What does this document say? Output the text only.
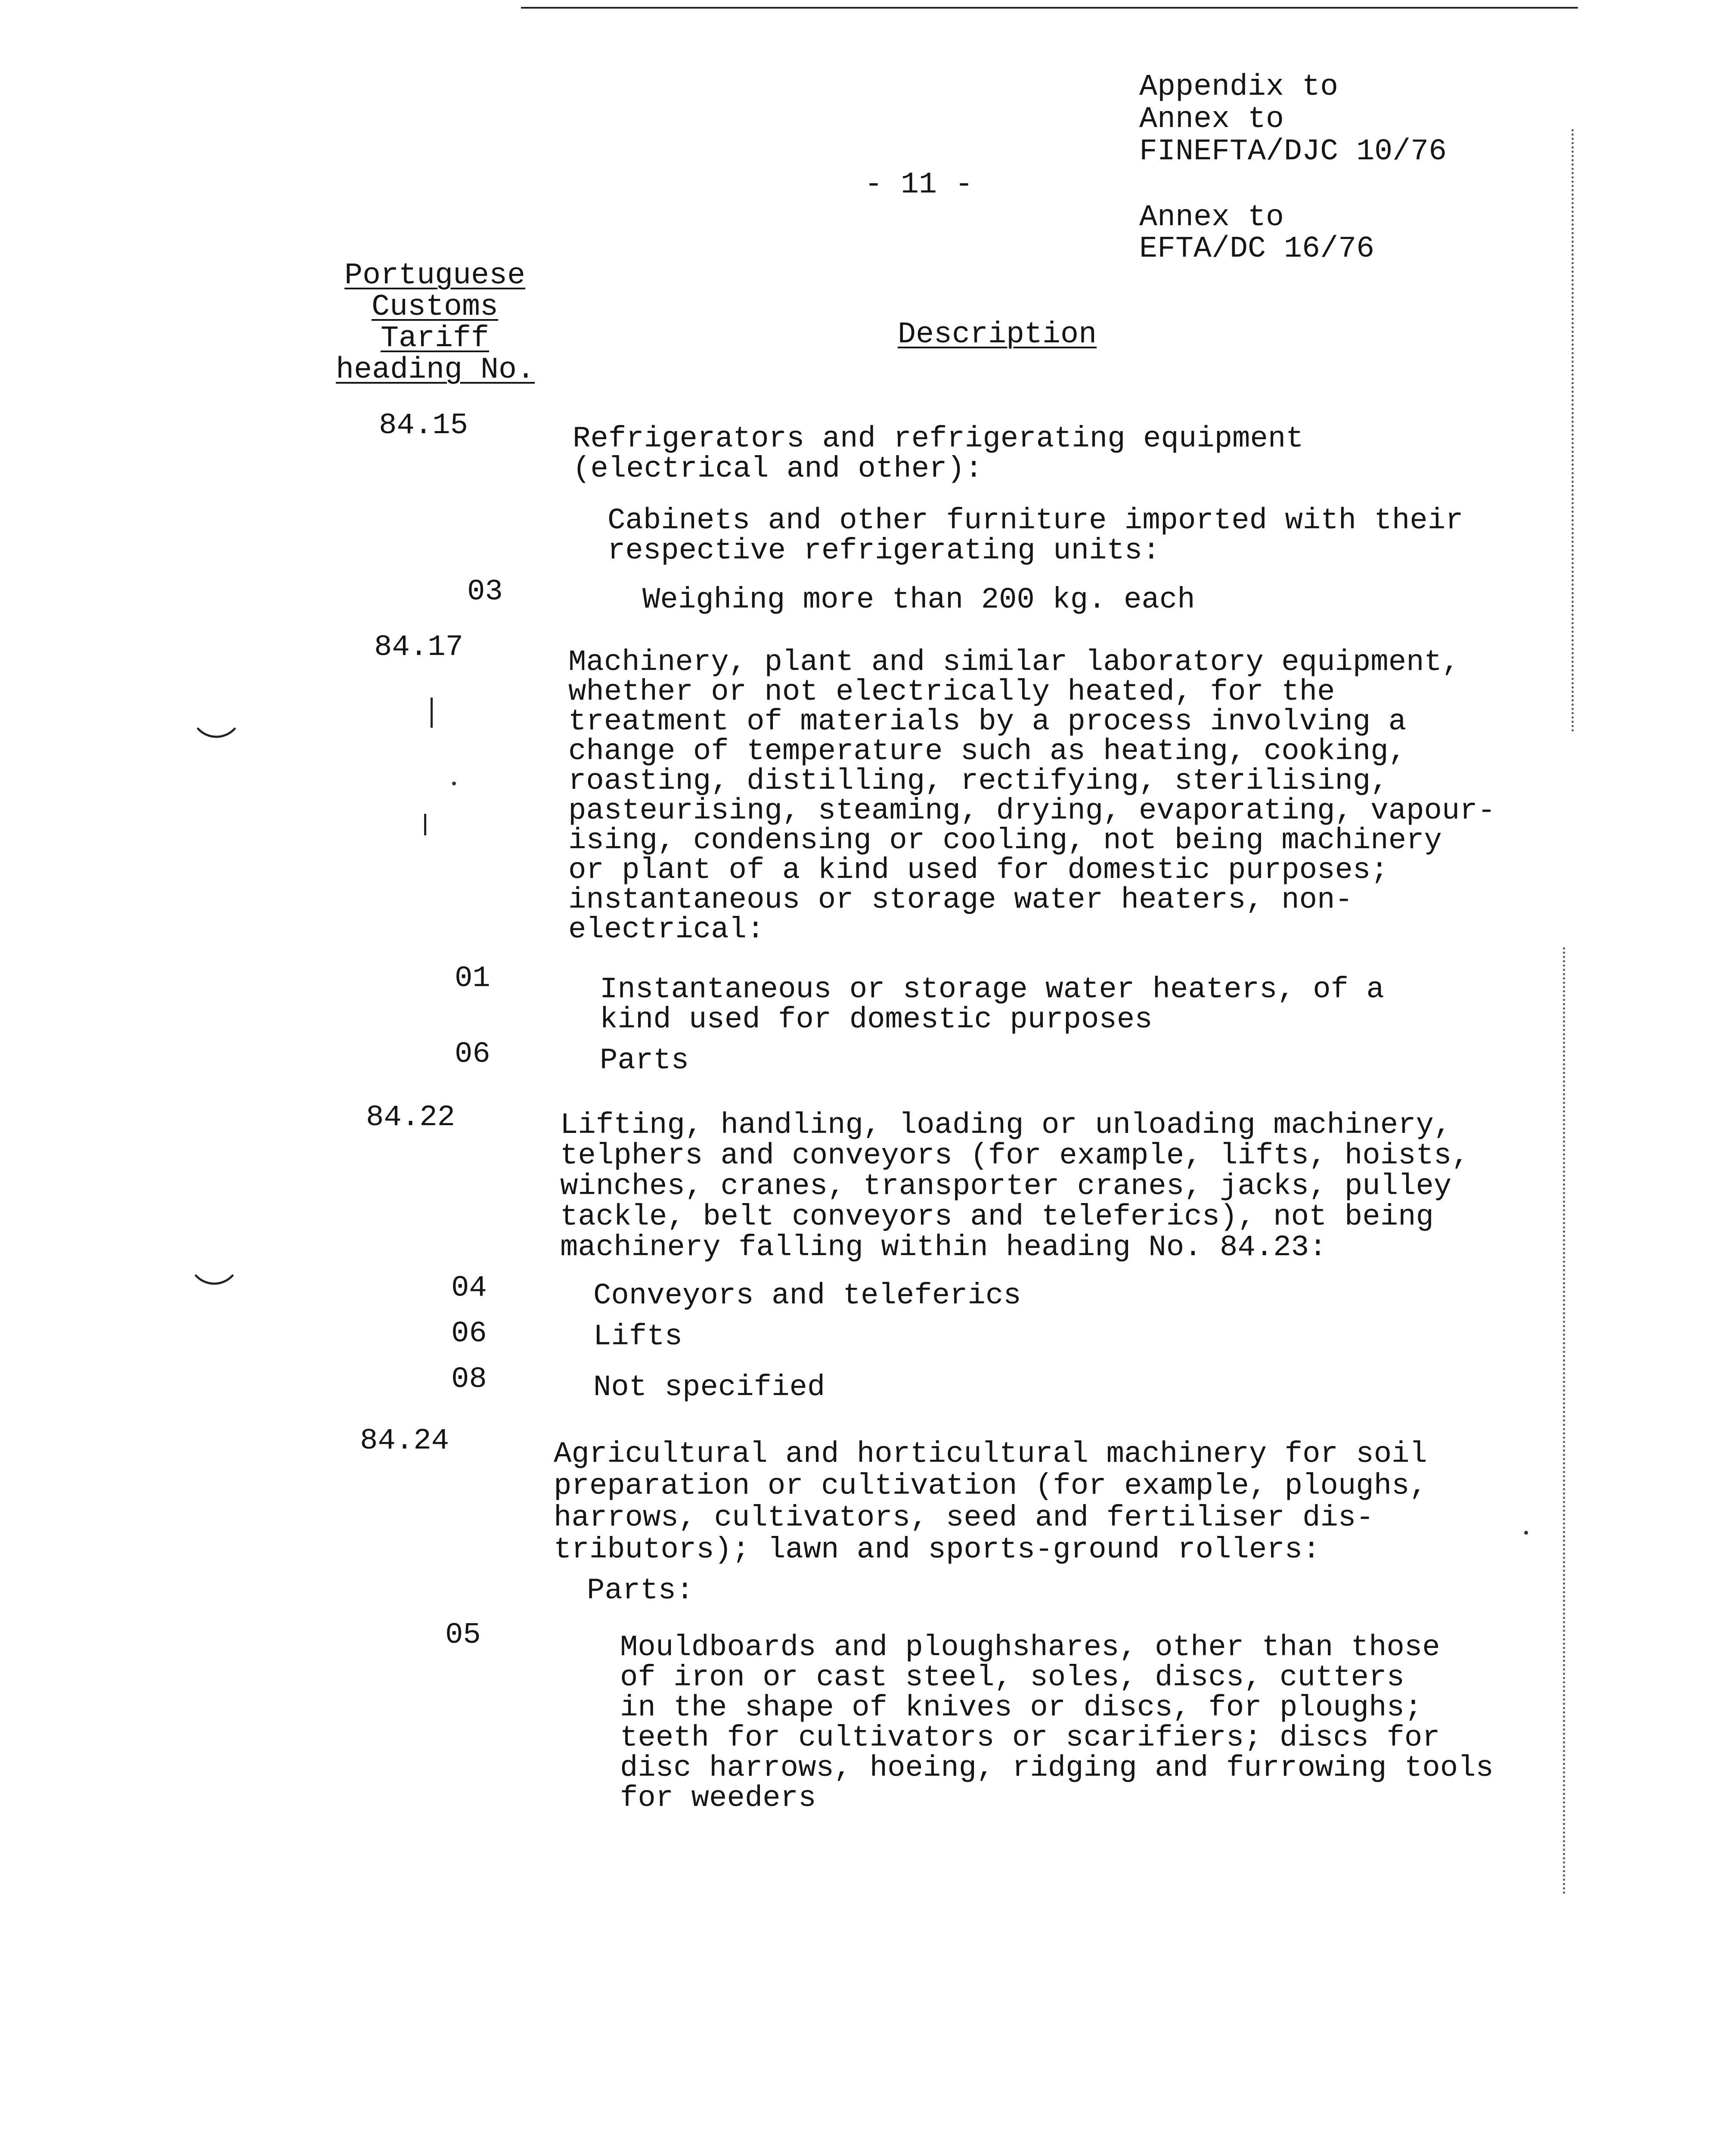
Appendix to
Annex to
FINEFTA/DJC 10/76
- 11 -
Annex to
EFTA/DC 16/76
Portuguese
Customs
Tariff
heading No.
Description
84.15	Refrigerators and refrigerating equipment
(electrical and other):
Cabinets and other furniture imported with their
respective refrigerating units:
03	Weighing more than 200 kg. each
84.17	Machinery, plant and similar laboratory equipment,
whether or not electrically heated, for the
treatment of materials by a process involving a
change of temperature such as heating, cooking,
roasting, distilling, rectifying, sterilising,
pasteurising, steaming, drying, evaporating, vapour-
ising, condensing or cooling, not being machinery
or plant of a kind used for domestic purposes;
instantaneous or storage water heaters, non-
electrical:
01	Instantaneous or storage water heaters, of a
kind used for domestic purposes
06	Parts
84.22	Lifting, handling, loading or unloading machinery,
telphers and conveyors (for example, lifts, hoists,
winches, cranes, transporter cranes, jacks, pulley
tackle, belt conveyors and teleferics), not being
machinery falling within heading No. 84.23:
04	Conveyors and teleferics
06	Lifts
08	Not specified
84.24	Agricultural and horticultural machinery for soil
preparation or cultivation (for example, ploughs,
harrows, cultivators, seed and fertiliser dis-
tributors); lawn and sports-ground rollers:
Parts:
05	Mouldboards and ploughshares, other than those
of iron or cast steel, soles, discs, cutters
in the shape of knives or discs, for ploughs;
teeth for cultivators or scarifiers; discs for
disc harrows, hoeing, ridging and furrowing tools
for weeders
